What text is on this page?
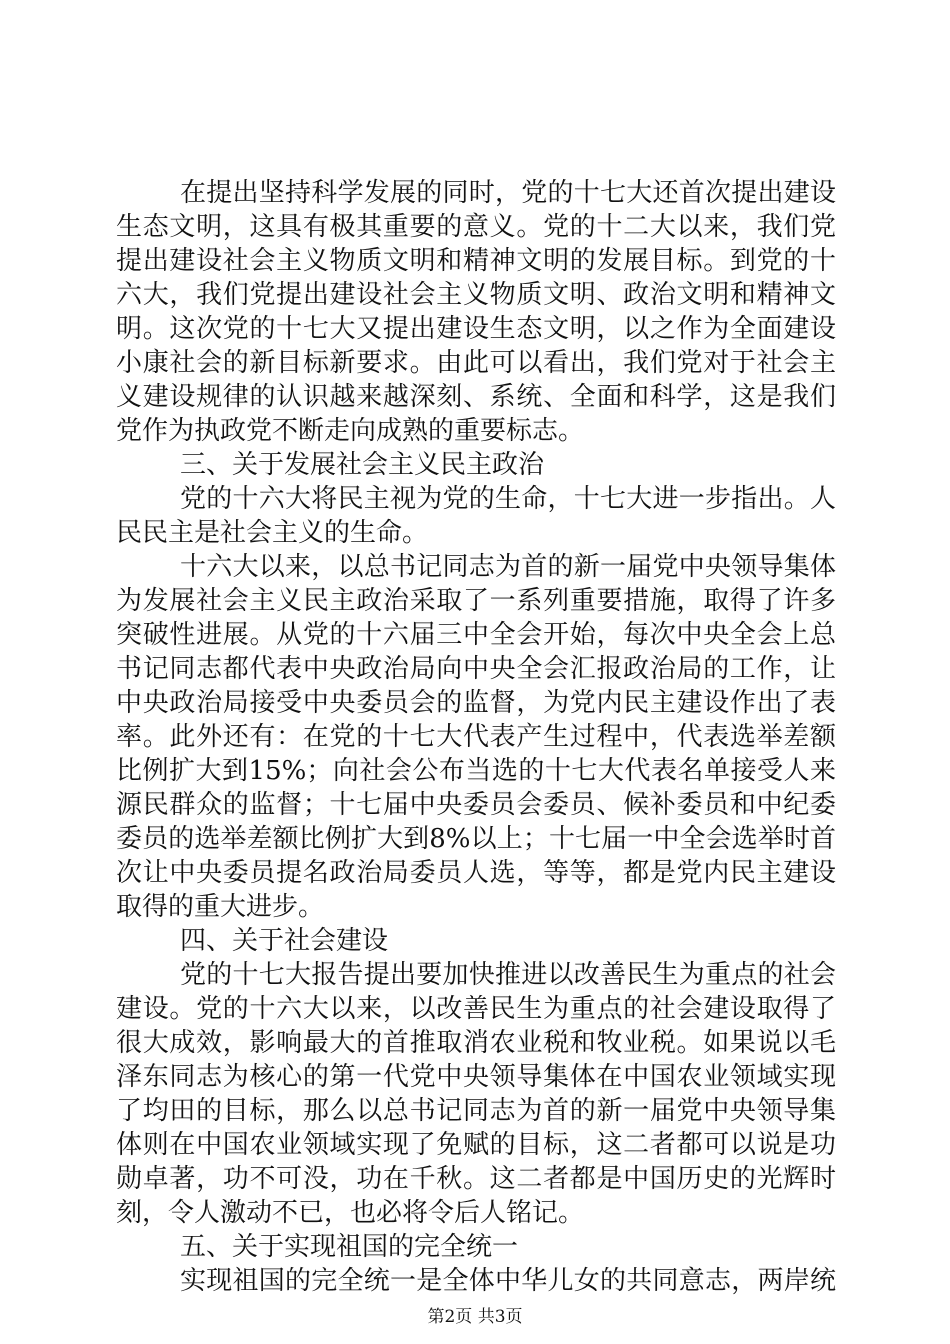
在提出坚持科学发展的同时，党的十七大还首次提出建设
生态文明，这具有极其重要的意义。党的十二大以来，我们党
提出建设社会主义物质文明和精神文明的发展目标。到党的十
六大，我们党提出建设社会主义物质文明、政治文明和精神文
明。这次党的十七大又提出建设生态文明，以之作为全面建设
小康社会的新目标新要求。由此可以看出，我们党对于社会主
义建设规律的认识越来越深刻、系统、全面和科学，这是我们
党作为执政党不断走向成熟的重要标志。
三、关于发展社会主义民主政治
党的十六大将民主视为党的生命，十七大进一步指出。人
民民主是社会主义的生命。
十六大以来，以总书记同志为首的新一届党中央领导集体
为发展社会主义民主政治采取了一系列重要措施，取得了许多
突破性进展。从党的十六届三中全会开始，每次中央全会上总
书记同志都代表中央政治局向中央全会汇报政治局的工作，让
中央政治局接受中央委员会的监督，为党内民主建设作出了表
率。此外还有：在党的十七大代表产生过程中，代表选举差额
比例扩大到15%；向社会公布当选的十七大代表名单接受人来
源民群众的监督；十七届中央委员会委员、候补委员和中纪委
委员的选举差额比例扩大到8%以上；十七届一中全会选举时首
次让中央委员提名政治局委员人选，等等，都是党内民主建设
取得的重大进步。
四、关于社会建设
党的十七大报告提出要加快推进以改善民生为重点的社会
建设。党的十六大以来，以改善民生为重点的社会建设取得了
很大成效，影响最大的首推取消农业税和牧业税。如果说以毛
泽东同志为核心的第一代党中央领导集体在中国农业领域实现
了均田的目标，那么以总书记同志为首的新一届党中央领导集
体则在中国农业领域实现了免赋的目标，这二者都可以说是功
勋卓著，功不可没，功在千秋。这二者都是中国历史的光辉时
刻，令人激动不已，也必将令后人铭记。
五、关于实现祖国的完全统一
实现祖国的完全统一是全体中华儿女的共同意志，两岸统
第2页 共3页
